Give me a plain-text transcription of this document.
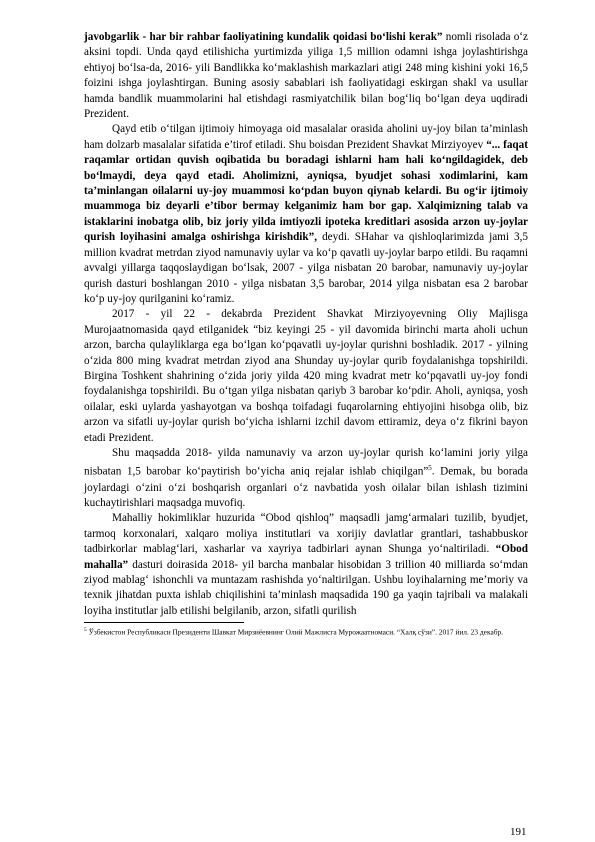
javobgarlik - har bir rahbar faoliyatining kundalik qoidasi bo‘lishi kerak” nomli risolada o‘z aksini topdi. Unda qayd etilishicha yurtimizda yiliga 1,5 million odamni ishga joylashtirishga ehtiyoj bo‘lsa-da, 2016- yili Bandlikka ko‘maklashish markazlari atigi 248 ming kishini yoki 16,5 foizini ishga joylashtirgan. Buning asosiy sabablari ish faoliyatidagi eskirgan shakl va usullar hamda bandlik muammolarini hal etishdagi rasmiyatchilik bilan bog‘liq bo‘lgan deya uqdiradi Prezident.

Qayd etib o‘tilgan ijtimoiy himoyaga oid masalalar orasida aholini uy-joy bilan ta’minlash ham dolzarb masalalar sifatida e’tirof etiladi. Shu boisdan Prezident Shavkat Mirziyoyev “... faqat raqamlar ortidan quvish oqibatida bu boradagi ishlarni ham hali ko‘ngildagidek, deb bo‘lmaydi, deya qayd etadi. Aholimizni, ayniqsa, byudjet sohasi xodimlarini, kam ta’minlangan oilalarni uy-joy muammosi ko‘pdan buyon qiynab kelardi. Bu og‘ir ijtimoiy muammoga biz deyarli e’tibor bermay kelganimiz ham bor gap. Xalqimizning talab va istaklarini inobatga olib, biz joriy yilda imtiyozli ipoteka kreditlari asosida arzon uy-joylar qurish loyihasini amalga oshirishga kirishdik”, deydi. SHahar va qishloqlarimizda jami 3,5 million kvadrat metrdan ziyod namunaviy uylar va ko‘p qavatli uy-joylar barpo etildi. Bu raqamni avvalgi yillarga taqqoslaydigan bo‘lsak, 2007 - yilga nisbatan 20 barobar, namunaviy uy-joylar qurish dasturi boshlangan 2010 - yilga nisbatan 3,5 barobar, 2014 yilga nisbatan esa 2 barobar ko‘p uy-joy qurilganini ko‘ramiz.

2017 - yil 22 - dekabrda Prezident Shavkat Mirziyoyevning Oliy Majlisga Murojaatnomasida qayd etilganidek “biz keyingi 25 - yil davomida birinchi marta aholi uchun arzon, barcha qulayliklarga ega bo‘lgan ko‘pqavatli uy-joylar qurishni boshladik. 2017 - yilning o‘zida 800 ming kvadrat metrdan ziyod ana Shunday uy-joylar qurib foydalanishga topshirildi. Birgina Toshkent shahrining o‘zida joriy yilda 420 ming kvadrat metr ko‘pqavatli uy-joy fondi foydalanishga topshirildi. Bu o‘tgan yilga nisbatan qariyb 3 barobar ko‘pdir. Aholi, ayniqsa, yosh oilalar, eski uylarda yashayotgan va boshqa toifadagi fuqarolarning ehtiyojini hisobga olib, biz arzon va sifatli uy-joylar qurish bo‘yicha ishlarni izchil davom ettiramiz, deya o‘z fikrini bayon etadi Prezident.

Shu maqsadda 2018- yilda namunaviy va arzon uy-joylar qurish ko‘lamini joriy yilga nisbatan 1,5 barobar ko‘paytirish bo‘yicha aniq rejalar ishlab chiqilgan”$^5$. Demak, bu borada joylardagi o‘zini o‘zi boshqarish organlari o‘z navbatida yosh oilalar bilan ishlash tizimini kuchaytirishlari maqsadga muvofiq.

Mahalliy hokimliklar huzurida “Obod qishloq” maqsadli jamg‘armalari tuzilib, byudjet, tarmoq korxonalari, xalqaro moliya institutlari va xorijiy davlatlar grantlari, tashabbuskor tadbirkorlar mablag‘lari, xasharlar va xayriya tadbirlari aynan Shunga yo‘naltiriladi. “Obod mahalla” dasturi doirasida 2018- yil barcha manbalar hisobidan 3 trillion 40 milliarda so‘mdan ziyod mablag‘ ishonchli va muntazam rashishda yo‘naltirilgan. Ushbu loyihalarning me’moriy va texnik jihatdan puxta ishlab chiqilishini ta’minlash maqsadida 190 ga yaqin tajribali va malakali loyiha institutlar jalb etilishi belgilanib, arzon, sifatli qurilish

$^5$ Ўзбекистон Республикаси Президенти Шавкат Мирзиёевнинг Олий Мажлисга Мурожаатномаси. “Халқ сўзи”. 2017 йил. 23 декабр.
191
